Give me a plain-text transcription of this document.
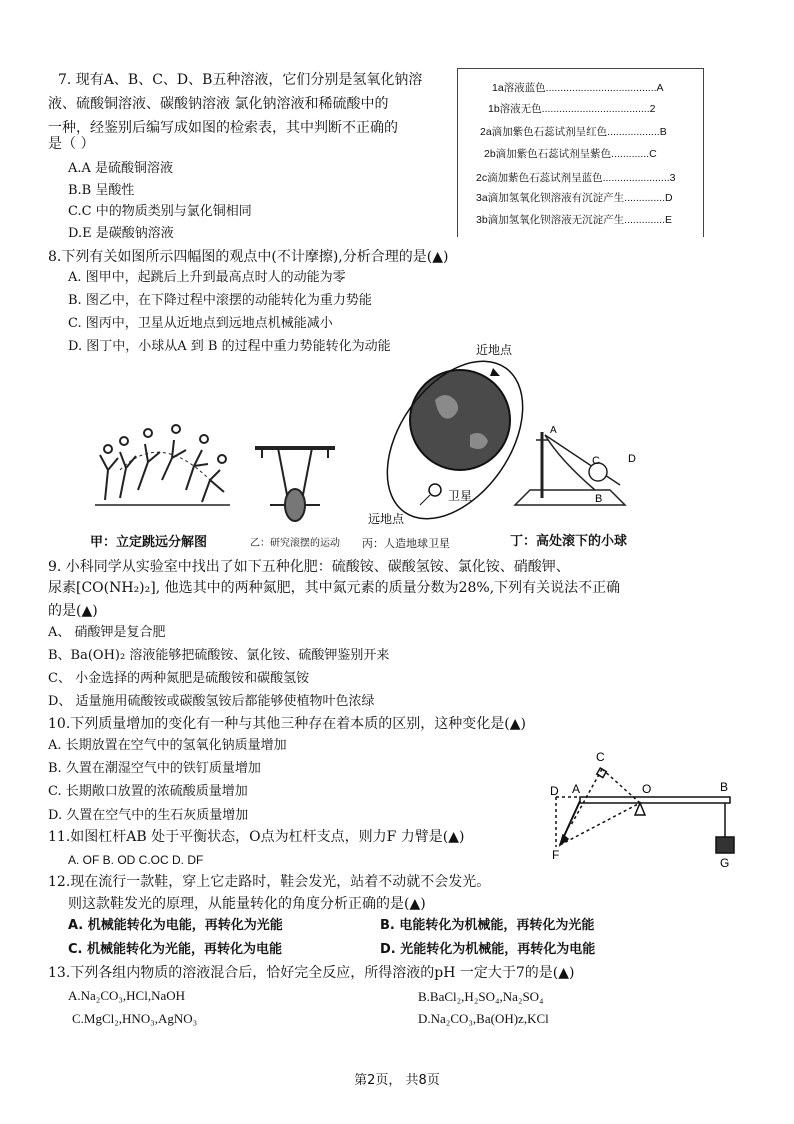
7. 现有A、B、C、D、B五种溶液，它们分别是氢氧化钠溶
液、硫酸铜溶液、碳酸钠溶液 氯化钠溶液和稀硫酸中的
一种，经鉴别后编写成如图的检索表，其中判断不正确的
是（ ）
A.A 是硫酸铜溶液
B.B 呈酸性
C.C 中的物质类别与氯化铜相同
D.E 是碳酸钠溶液
1a溶液蓝色......................................A
1b溶液无色.....................................2
2a滴加紫色石蕊试剂呈红色..................B
2b滴加紫色石蕊试剂呈紫色.............C
2c滴加紫色石蕊试剂呈蓝色.......................3
3a滴加氢氧化钡溶液有沉淀产生..............D
3b滴加氢氧化钡溶液无沉淀产生..............E
8.下列有关如图所示四幅图的观点中(不计摩擦),分析合理的是(▲)
A. 图甲中，起跳后上升到最高点时人的动能为零
B. 图乙中，在下降过程中滚摆的动能转化为重力势能
C. 图丙中，卫星从近地点到远地点机械能减小
D. 图丁中，小球从A 到 B 的过程中重力势能转化为动能	近地点
卫星
远地点
A
C	D
B
甲：立定跳远分解图	乙：研究滚摆的运动 丙：人造地球卫星	丁：高处滚下的小球
9. 小科同学从实验室中找出了如下五种化肥：硫酸铵、碳酸氢铵、氯化铵、硝酸钾、
尿素[CO(NH₂)₂], 他选其中的两种氮肥，其中氮元素的质量分数为28%,下列有关说法不正确
的是(▲)
A、 硝酸钾是复合肥
B、Ba(OH)₂ 溶液能够把硫酸铵、氯化铵、硫酸钾鉴别开来
C、 小金选择的两种氮肥是硫酸铵和碳酸氢铵
D、 适量施用硫酸铵或碳酸氢铵后都能够使植物叶色浓绿
10.下列质量增加的变化有一种与其他三种存在着本质的区别，这种变化是(▲)
A. 长期放置在空气中的氢氧化钠质量增加
B. 久置在潮湿空气中的铁钉质量增加
C. 长期敞口放置的浓硫酸质量增加
D. 久置在空气中的生石灰质量增加
C
D A	O	B
F
G
11.如图杠杆AB 处于平衡状态，O点为杠杆支点，则力F 力臂是(▲)
A. OF B. OD C.OC D. DF
12.现在流行一款鞋，穿上它走路时，鞋会发光，站着不动就不会发光。
则这款鞋发光的原理，从能量转化的角度分析正确的是(▲)
A. 机械能转化为电能，再转化为光能	B. 电能转化为机械能，再转化为光能
C. 机械能转化为光能，再转化为电能	D. 光能转化为机械能，再转化为电能
13.下列各组内物质的溶液混合后，恰好完全反应，所得溶液的pH 一定大于7的是(▲)
A.Na₂CO₃,HCl,NaOH	B.BaCl₂,H₂SO₄,Na₂SO₄
C.MgCl₂,HNO₃,AgNO₃	D.Na₂CO₃,Ba(OH)z,KCl
第2页， 共8页
